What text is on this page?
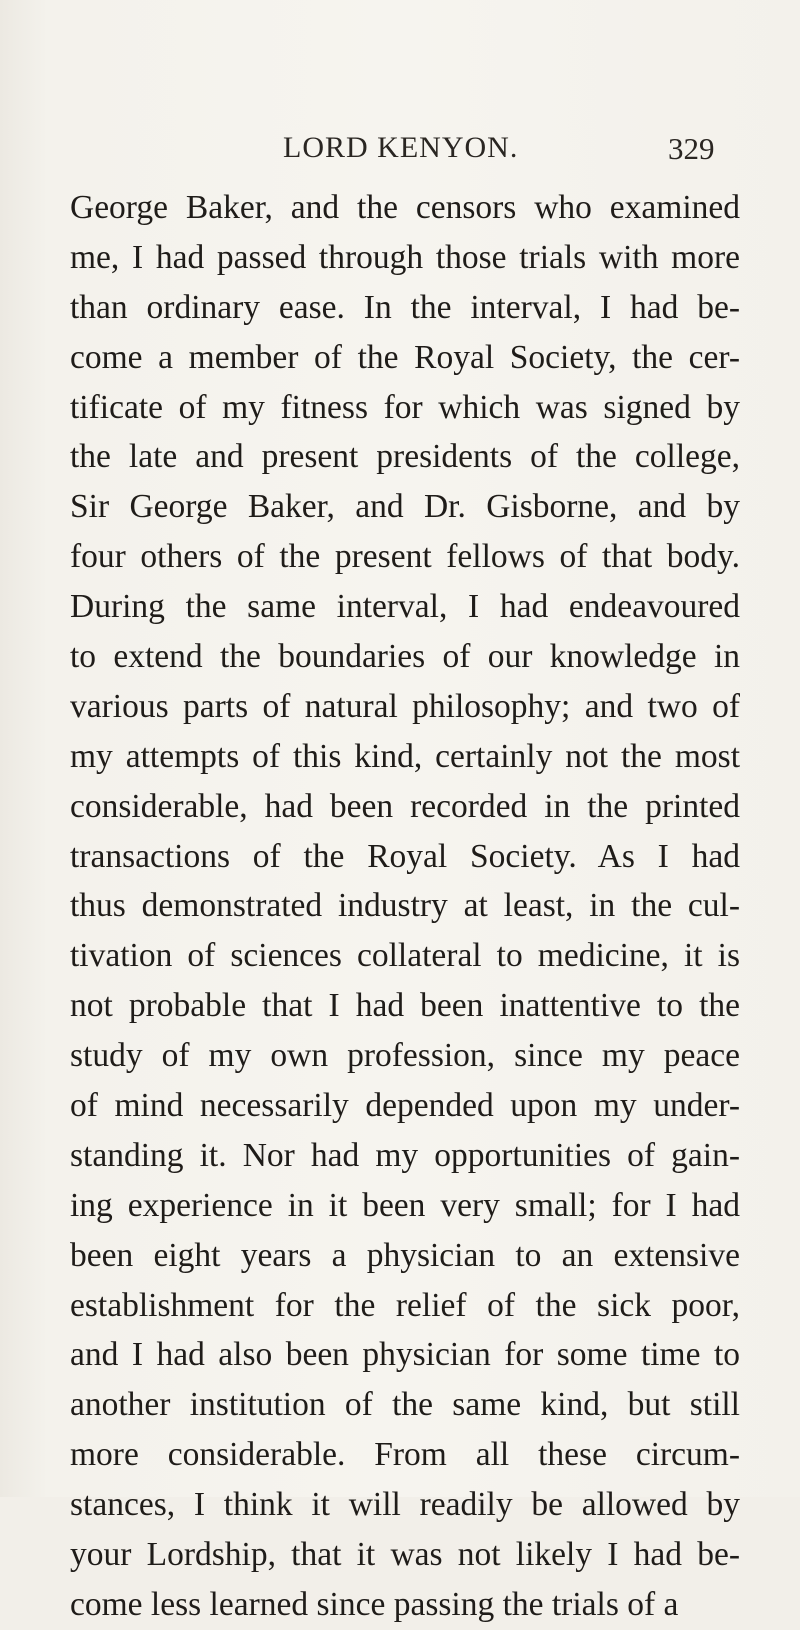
LORD KENYON.	329
George Baker, and the censors who examined
me, I had passed through those trials with more
than ordinary ease. In the interval, I had be-
come a member of the Royal Society, the cer-
tificate of my fitness for which was signed by
the late and present presidents of the college,
Sir George Baker, and Dr. Gisborne, and by
four others of the present fellows of that body.
During the same interval, I had endeavoured
to extend the boundaries of our knowledge in
various parts of natural philosophy; and two of
my attempts of this kind, certainly not the most
considerable, had been recorded in the printed
transactions of the Royal Society. As I had
thus demonstrated industry at least, in the cul-
tivation of sciences collateral to medicine, it is
not probable that I had been inattentive to the
study of my own profession, since my peace
of mind necessarily depended upon my under-
standing it. Nor had my opportunities of gain-
ing experience in it been very small; for I had
been eight years a physician to an extensive
establishment for the relief of the sick poor,
and I had also been physician for some time to
another institution of the same kind, but still
more considerable. From all these circum-
stances, I think it will readily be allowed by
your Lordship, that it was not likely I had be-
come less learned since passing the trials of a
